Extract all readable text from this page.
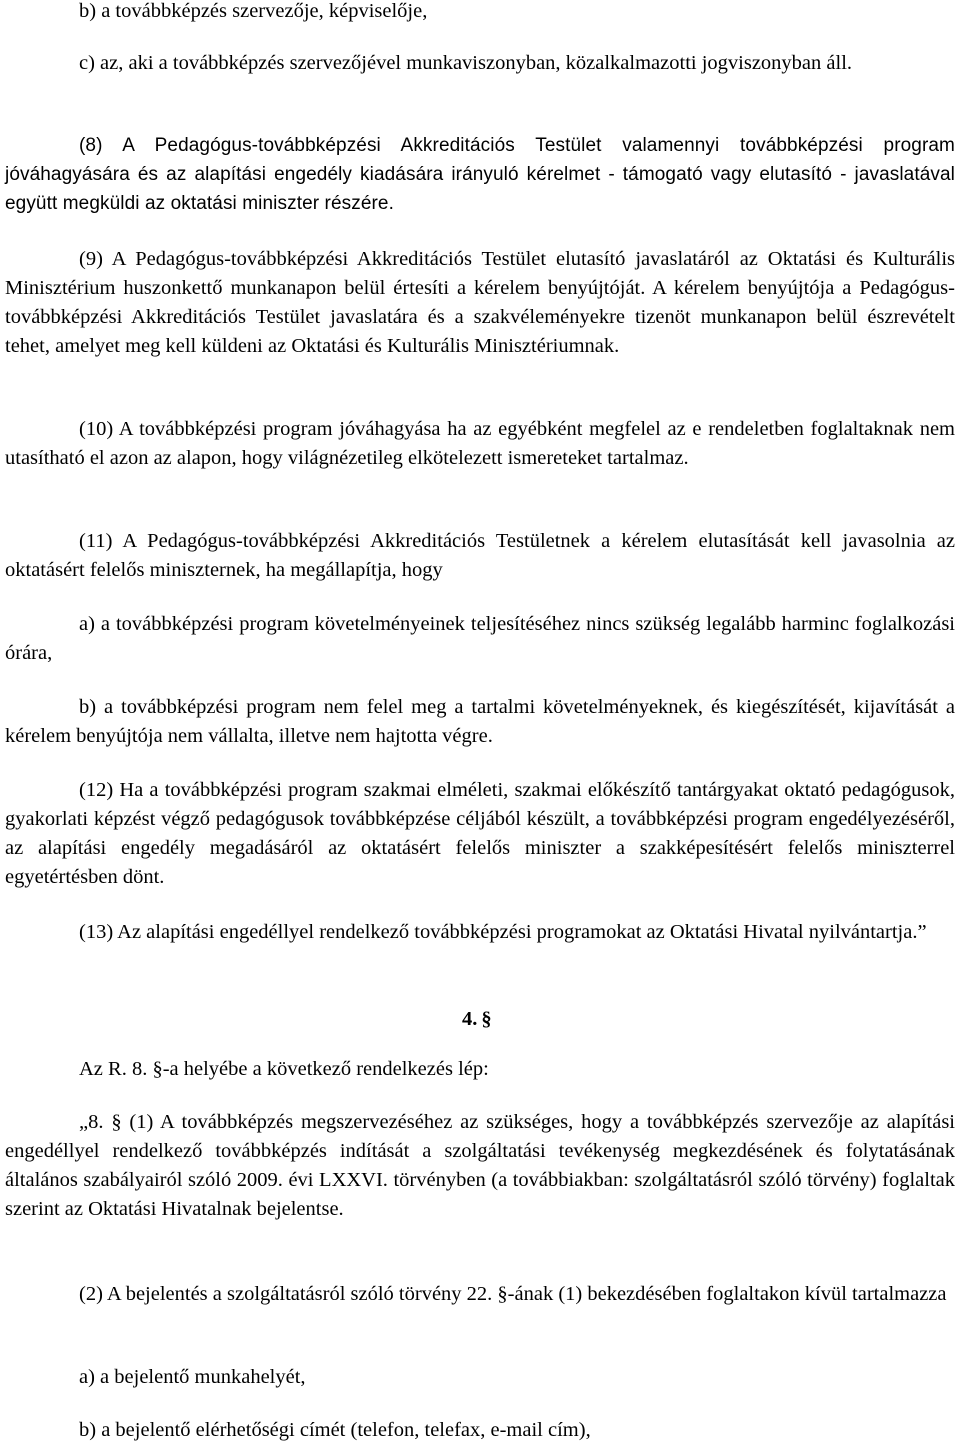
b) a továbbképzés szervezője, képviselője,

c) az, aki a továbbképzés szervezőjével munkaviszonyban, közalkalmazotti jogviszonyban áll.

(8) A Pedagógus-továbbképzési Akkreditációs Testület valamennyi továbbképzési program jóváhagyására és az alapítási engedély kiadására irányuló kérelmet - támogató vagy elutasító - javaslatával együtt megküldi az oktatási miniszter részére.

(9) A Pedagógus-továbbképzési Akkreditációs Testület elutasító javaslatáról az Oktatási és Kulturális Minisztérium huszonkettő munkanapon belül értesíti a kérelem benyújtóját. A kérelem benyújtója a Pedagógus-továbbképzési Akkreditációs Testület javaslatára és a szakvéleményekre tizenöt munkanapon belül észrevételt tehet, amelyet meg kell küldeni az Oktatási és Kulturális Minisztériumnak.

(10) A továbbképzési program jóváhagyása ha az egyébként megfelel az e rendeletben foglaltaknak nem utasítható el azon az alapon, hogy világnézetileg elkötelezett ismereteket tartalmaz.

(11) A Pedagógus-továbbképzési Akkreditációs Testületnek a kérelem elutasítását kell javasolnia az oktatásért felelős miniszternek, ha megállapítja, hogy

a) a továbbképzési program követelményeinek teljesítéséhez nincs szükség legalább harminc foglalkozási órára,

b) a továbbképzési program nem felel meg a tartalmi követelményeknek, és kiegészítését, kijavítását a kérelem benyújtója nem vállalta, illetve nem hajtotta végre.

(12) Ha a továbbképzési program szakmai elméleti, szakmai előkészítő tantárgyakat oktató pedagógusok, gyakorlati képzést végző pedagógusok továbbképzése céljából készült, a továbbképzési program engedélyezéséről, az alapítási engedély megadásáról az oktatásért felelős miniszter a szakképesítésért felelős miniszterrel egyetértésben dönt.

(13) Az alapítási engedéllyel rendelkező továbbképzési programokat az Oktatási Hivatal nyilvántartja.”

4. §

Az R. 8. §-a helyébe a következő rendelkezés lép:

„8. § (1) A továbbképzés megszervezéséhez az szükséges, hogy a továbbképzés szervezője az alapítási engedéllyel rendelkező továbbképzés indítását a szolgáltatási tevékenység megkezdésének és folytatásának általános szabályairól szóló 2009. évi LXXVI. törvényben (a továbbiakban: szolgáltatásról szóló törvény) foglaltak szerint az Oktatási Hivatalnak bejelentse.

(2) A bejelentés a szolgáltatásról szóló törvény 22. §-ának (1) bekezdésében foglaltakon kívül tartalmazza

a) a bejelentő munkahelyét,

b) a bejelentő elérhetőségi címét (telefon, telefax, e-mail cím),
